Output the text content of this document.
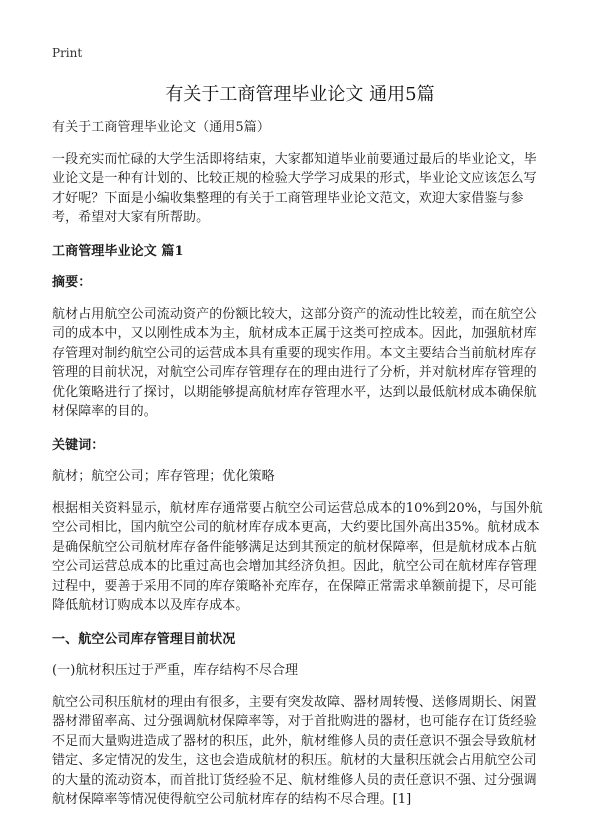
Print
有关于工商管理毕业论文 通用5篇

有关于工商管理毕业论文（通用5篇）

一段充实而忙碌的大学生活即将结束，大家都知道毕业前要通过最后的毕业论文，毕业论文是一种有计划的、比较正规的检验大学学习成果的形式，毕业论文应该怎么写才好呢？下面是小编收集整理的有关于工商管理毕业论文范文，欢迎大家借鉴与参考，希望对大家有所帮助。

工商管理毕业论文 篇1

摘要：

航材占用航空公司流动资产的份额比较大，这部分资产的流动性比较差，而在航空公司的成本中，又以刚性成本为主，航材成本正属于这类可控成本。因此，加强航材库存管理对制约航空公司的运营成本具有重要的现实作用。本文主要结合当前航材库存管理的目前状况，对航空公司库存管理存在的理由进行了分析，并对航材库存管理的优化策略进行了探讨，以期能够提高航材库存管理水平，达到以最低航材成本确保航材保障率的目的。

关键词：

航材；航空公司；库存管理；优化策略

根据相关资料显示，航材库存通常要占航空公司运营总成本的10%到20%，与国外航空公司相比，国内航空公司的航材库存成本更高，大约要比国外高出35%。航材成本是确保航空公司航材库存备件能够满足达到其预定的航材保障率，但是航材成本占航空公司运营总成本的比重过高也会增加其经济负担。因此，航空公司在航材库存管理过程中，要善于采用不同的库存策略补充库存，在保障正常需求单额前提下，尽可能降低航材订购成本以及库存成本。

一、航空公司库存管理目前状况

(一)航材积压过于严重，库存结构不尽合理

航空公司积压航材的理由有很多，主要有突发故障、器材周转慢、送修周期长、闲置器材滞留率高、过分强调航材保障率等，对于首批购进的器材，也可能存在订货经验不足而大量购进造成了器材的积压，此外，航材维修人员的责任意识不强会导致航材错定、多定情况的发生，这也会造成航材的积压。航材的大量积压就会占用航空公司的大量的流动资本，而首批订货经验不足、航材维修人员的责任意识不强、过分强调航材保障率等情况使得航空公司航材库存的结构不尽合理。[1]
